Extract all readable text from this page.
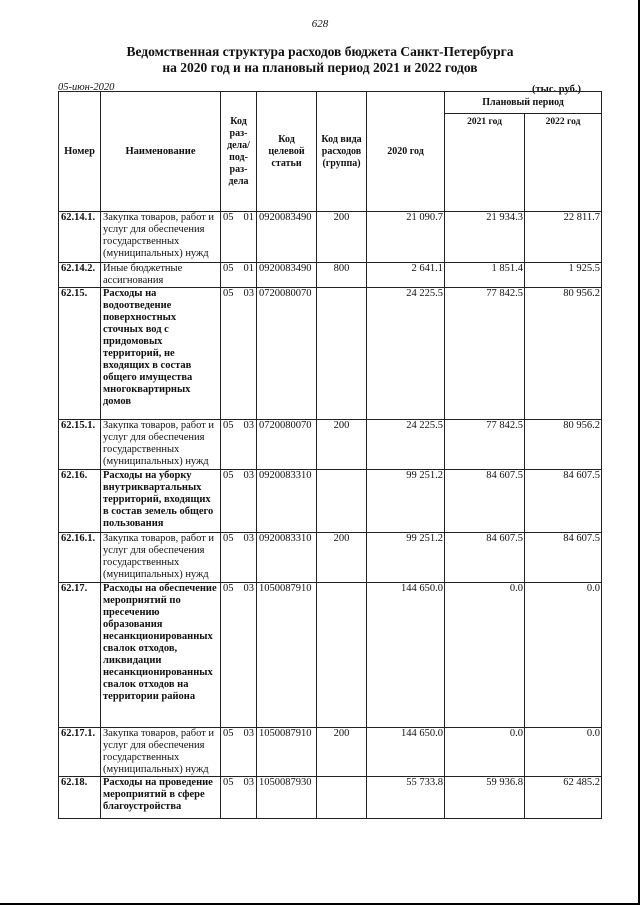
628
Ведомственная структура расходов бюджета Санкт-Петербурга
на 2020 год и на плановый период 2021 и 2022 годов
05-июн-2020	(тыс. руб.)
Номер	Наименование	Код раз-дела/ под-раз-дела		Код целевой статьи	Код вида расходов (группа)	2020 год	Плановый период	
							2021 год	2022 год
62.14.1.	Закупка товаров, работ и услуг для обеспечения государственных (муниципальных) нужд	05	01	0920083490	200	21 090.7	21 934.3	22 811.7
62.14.2.	Иные бюджетные ассигнования	05	01	0920083490	800	2 641.1	1 851.4	1 925.5
62.15.	Расходы на водоотведение поверхностных сточных вод с придомовых территорий, не входящих в состав общего имущества многоквартирных домов	05	03	0720080070		24 225.5	77 842.5	80 956.2
62.15.1.	Закупка товаров, работ и услуг для обеспечения государственных (муниципальных) нужд	05	03	0720080070	200	24 225.5	77 842.5	80 956.2
62.16.	Расходы на уборку внутриквартальных территорий, входящих в состав земель общего пользования	05	03	0920083310		99 251.2	84 607.5	84 607.5
62.16.1.	Закупка товаров, работ и услуг для обеспечения государственных (муниципальных) нужд	05	03	0920083310	200	99 251.2	84 607.5	84 607.5
62.17.	Расходы на обеспечение мероприятий по пресечению образования несанкционированных свалок отходов, ликвидации несанкционированных свалок отходов на территории района	05	03	1050087910		144 650.0	0.0	0.0
62.17.1.	Закупка товаров, работ и услуг для обеспечения государственных (муниципальных) нужд	05	03	1050087910	200	144 650.0	0.0	0.0
62.18.	Расходы на проведение мероприятий в сфере благоустройства	05	03	1050087930		55 733.8	59 936.8	62 485.2
